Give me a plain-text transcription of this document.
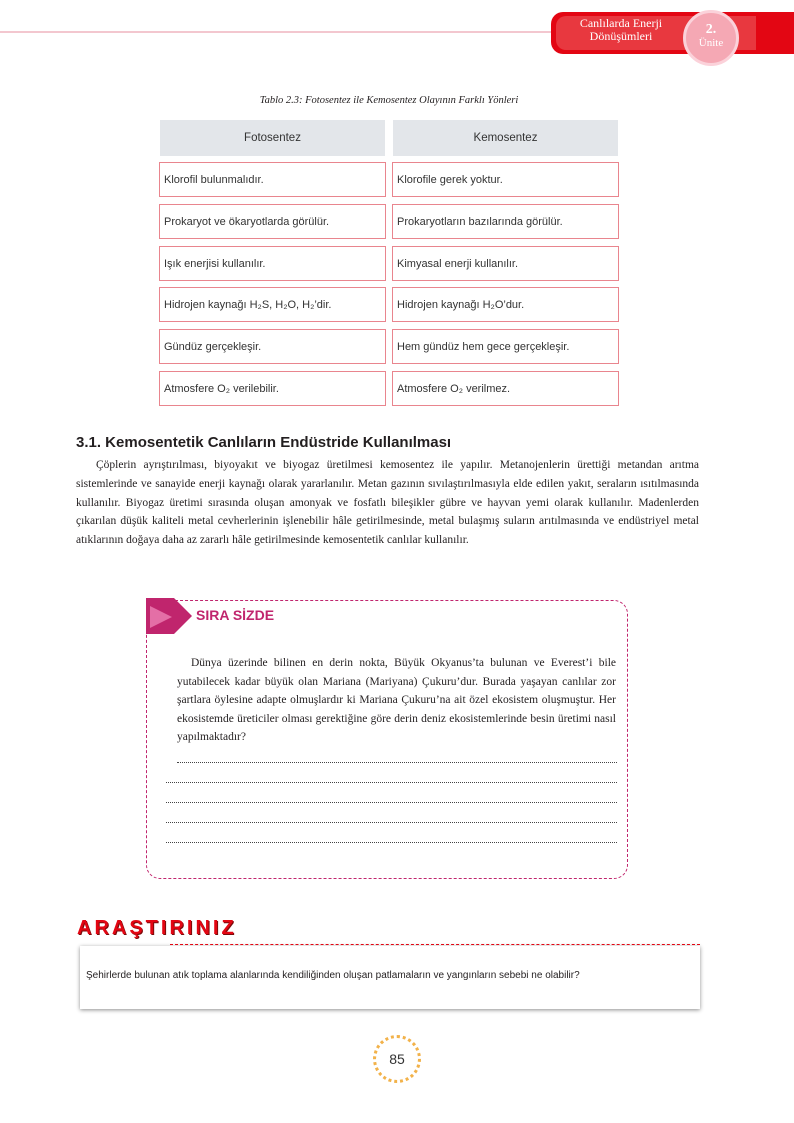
Canlılarda Enerji
Dönüşümleri	2.
Ünite
Tablo 2.3: Fotosentez ile Kemosentez Olayının Farklı Yönleri
Fotosentez	Kemosentez
Klorofil bulunmalıdır.	Klorofile gerek yoktur.
Prokaryot ve ökaryotlarda görülür.	Prokaryotların bazılarında görülür.
Işık enerjisi kullanılır.	Kimyasal enerji kullanılır.
Hidrojen kaynağı H₂S, H₂O, H₂’dir.	Hidrojen kaynağı H₂O’dur.
Gündüz gerçekleşir.	Hem gündüz hem gece gerçekleşir.
Atmosfere O₂ verilebilir.	Atmosfere O₂ verilmez.
3.1. Kemosentetik Canlıların Endüstride Kullanılması
Çöplerin ayrıştırılması, biyoyakıt ve biyogaz üretilmesi kemosentez ile yapılır. Metanojenlerin ürettiği metandan arıtma sistemlerinde ve sanayide enerji kaynağı olarak yararlanılır. Metan gazının sıvılaştırılmasıyla elde edilen yakıt, seraların ısıtılmasında kullanılır. Biyogaz üretimi sırasında oluşan amonyak ve fosfatlı bileşikler gübre ve hayvan yemi olarak kullanılır. Madenlerden çıkarılan düşük kaliteli metal cevherlerinin işlenebilir hâle getirilmesinde, metal bulaşmış suların arıtılmasında ve endüstriyel metal atıklarının doğaya daha az zararlı hâle getirilmesinde kemosentetik canlılar kullanılır.
SIRA SİZDE
Dünya üzerinde bilinen en derin nokta, Büyük Okyanus’ta bulunan ve Everest’i bile yutabilecek kadar büyük olan Mariana (Mariyana) Çukuru’dur. Burada yaşayan canlılar zor şartlara öylesine adapte olmuşlardır ki Mariana Çukuru’na ait özel ekosistem oluşmuştur. Her ekosistemde üreticiler olması gerektiğine göre derin deniz ekosistemlerinde besin üretimi nasıl yapılmaktadır?
ARAŞTIRINIZ
Şehirlerde bulunan atık toplama alanlarında kendiliğinden oluşan patlamaların ve yangınların sebebi ne olabilir?
85
